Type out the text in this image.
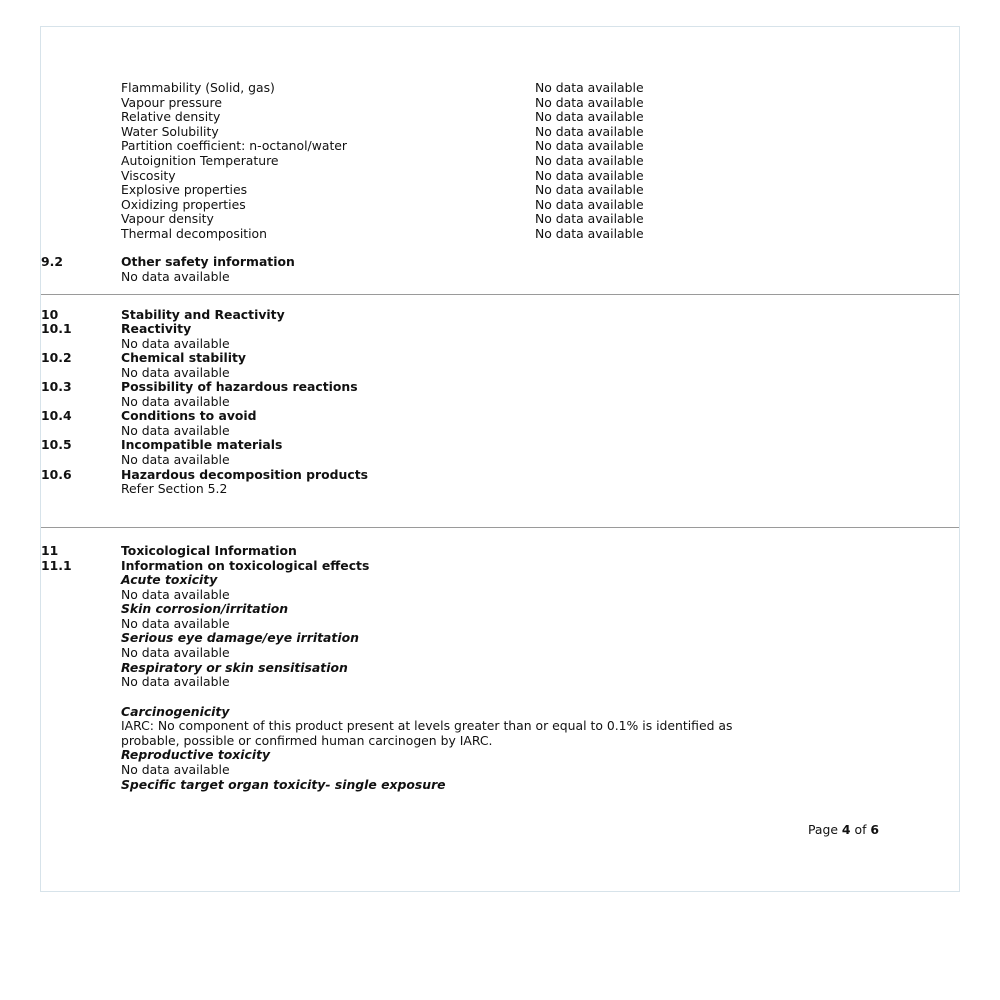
Flammability (Solid, gas)	No data available
Vapour pressure	No data available
Relative density	No data available
Water Solubility	No data available
Partition coefficient: n-octanol/water	No data available
Autoignition Temperature	No data available
Viscosity	No data available
Explosive properties	No data available
Oxidizing properties	No data available
Vapour density	No data available
Thermal decomposition	No data available
9.2	Other safety information
No data available
10	Stability and Reactivity
10.1	Reactivity
No data available
10.2	Chemical stability
No data available
10.3	Possibility of hazardous reactions
No data available
10.4	Conditions to avoid
No data available
10.5	Incompatible materials
No data available
10.6	Hazardous decomposition products
Refer Section 5.2
11	Toxicological Information
11.1	Information on toxicological effects
Acute toxicity
No data available
Skin corrosion/irritation
No data available
Serious eye damage/eye irritation
No data available
Respiratory or skin sensitisation
No data available
Carcinogenicity
IARC: No component of this product present at levels greater than or equal to 0.1% is identified as
probable, possible or confirmed human carcinogen by IARC.
Reproductive toxicity
No data available
Specific target organ toxicity- single exposure
Page 4 of 6
